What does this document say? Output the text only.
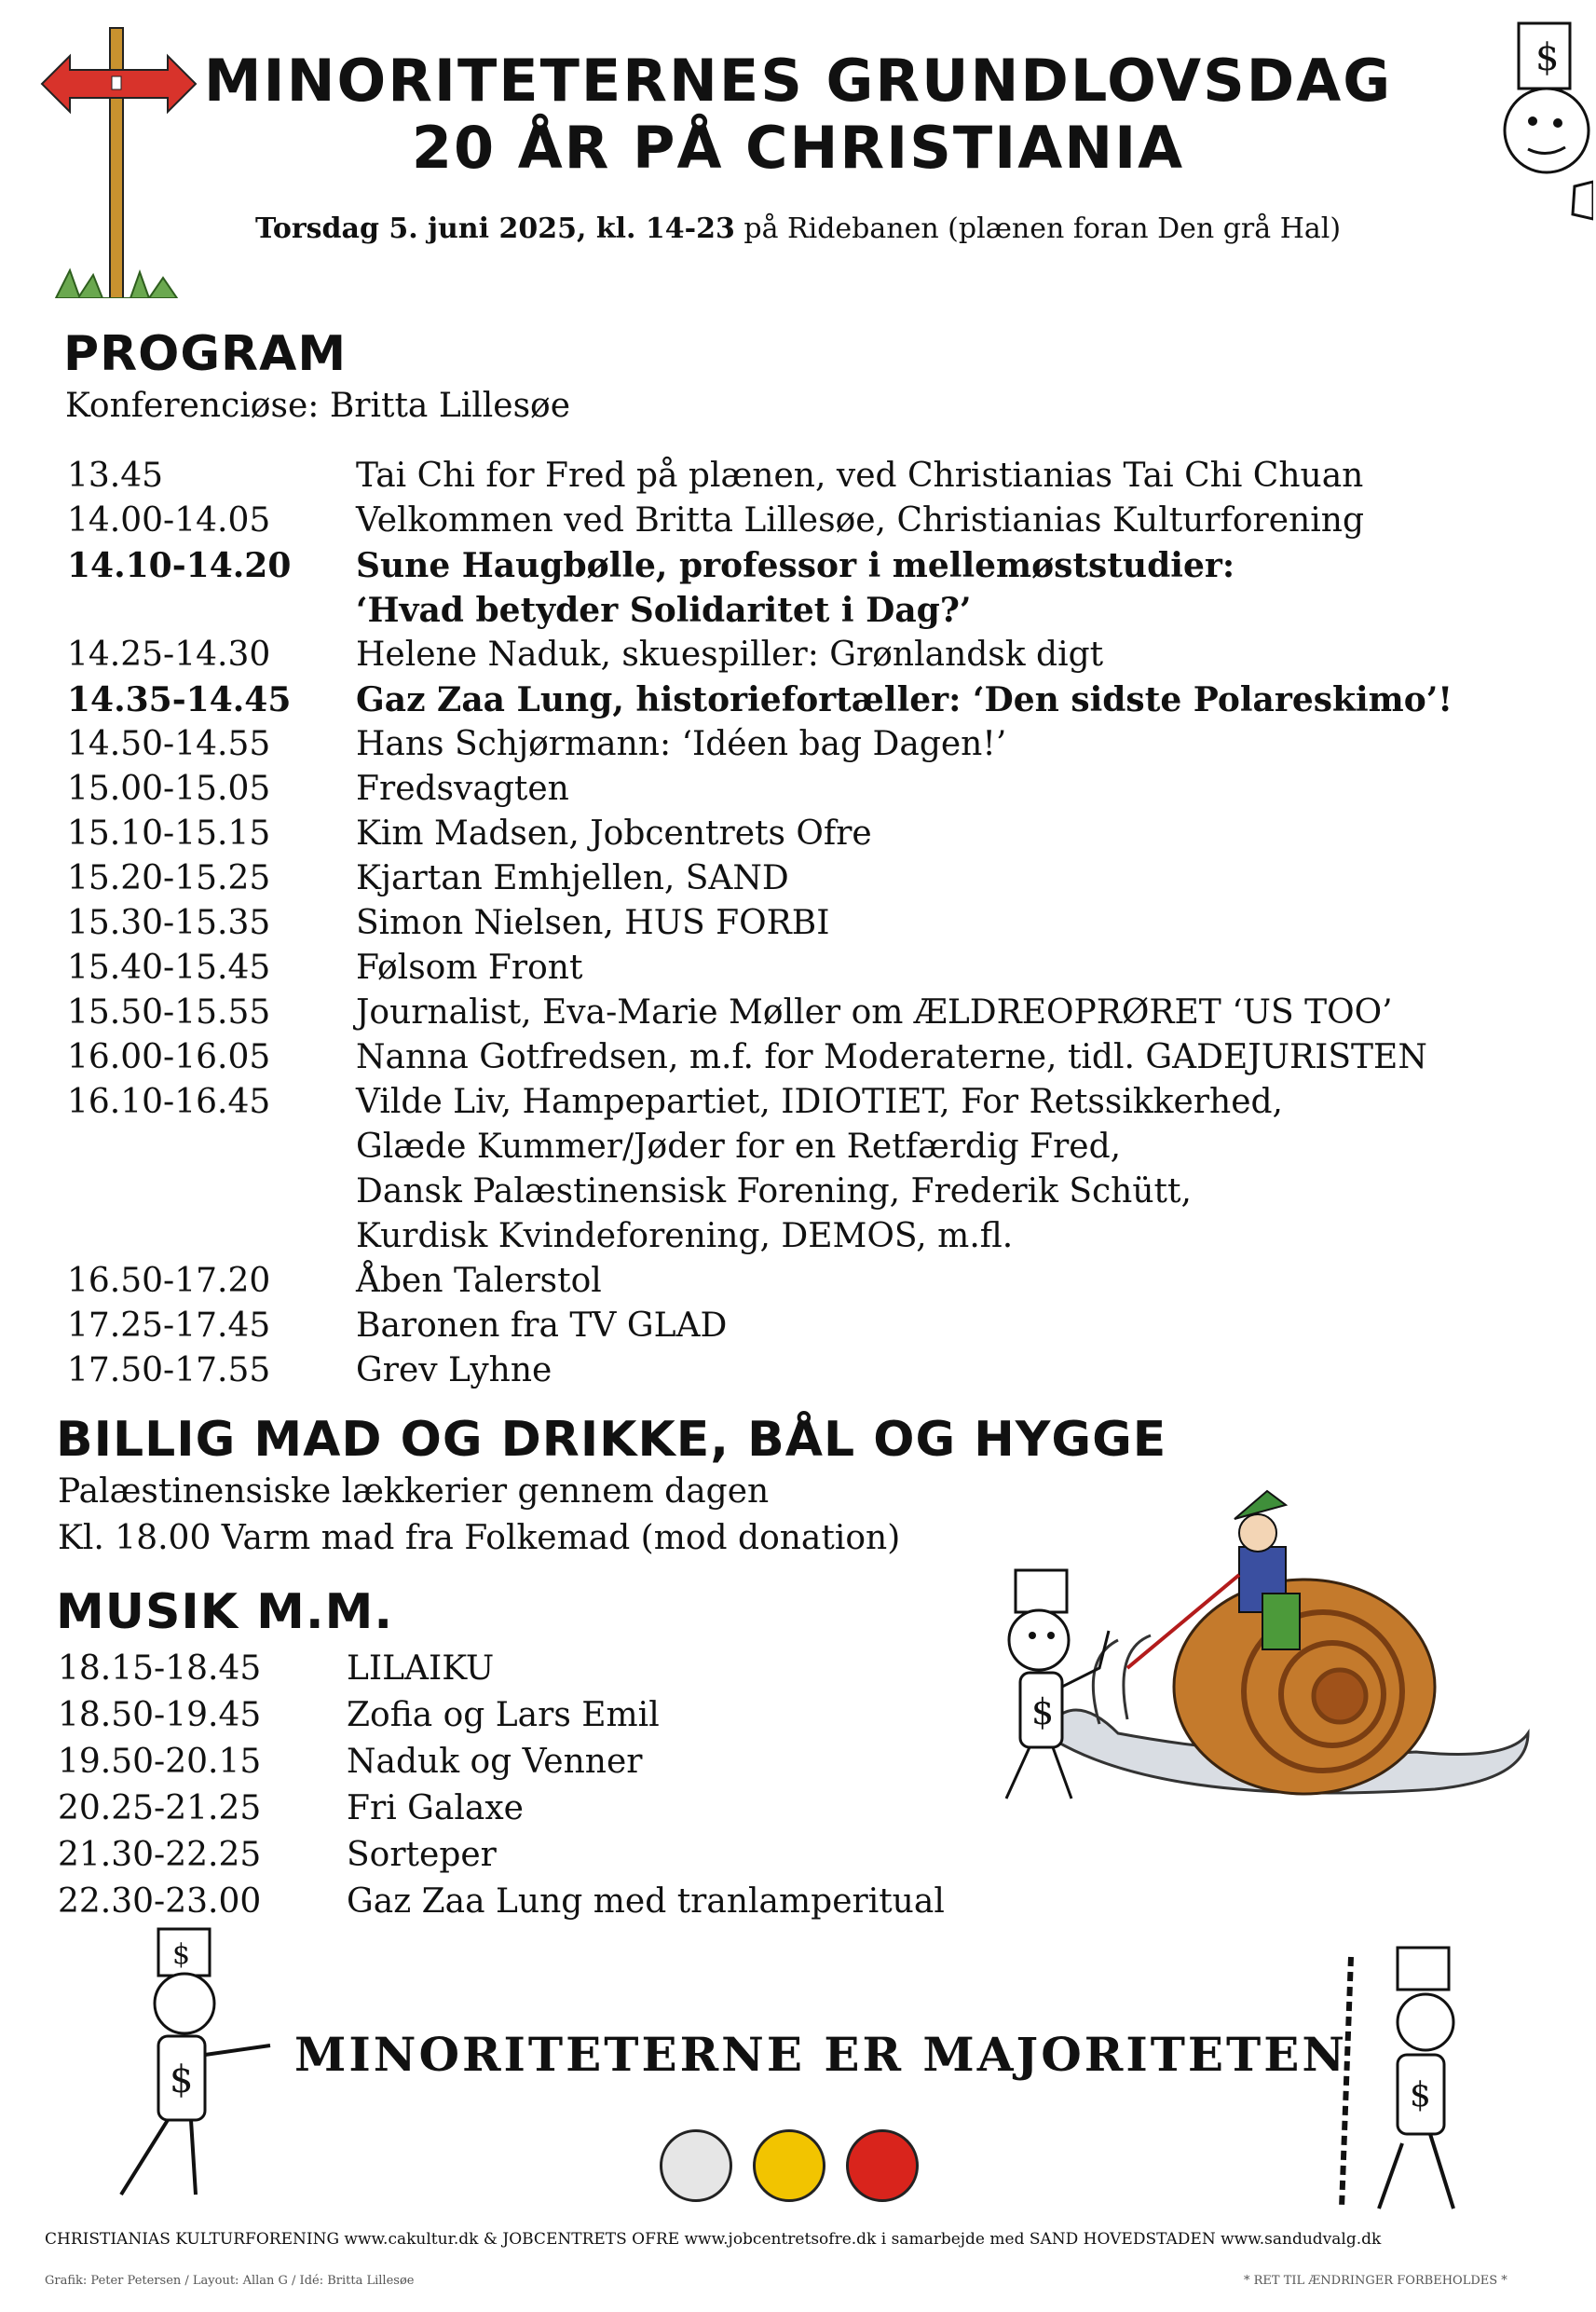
$
MINORITETERNES GRUNDLOVSDAG
20 ÅR PÅ CHRISTIANIA
Torsdag 5. juni 2025, kl. 14-23 på Ridebanen (plænen foran Den grå Hal)
PROGRAM
Konferenciøse: Britta Lillesøe
13.45	Tai Chi for Fred på plænen, ved Christianias Tai Chi Chuan
14.00-14.05	Velkommen ved Britta Lillesøe, Christianias Kulturforening
14.10-14.20 Sune Haugbølle, professor i mellemøststudier:
‘Hvad betyder Solidaritet i Dag?’
14.25-14.30	Helene Naduk, skuespiller: Grønlandsk digt
14.35-14.45 Gaz Zaa Lung, historiefortæller: ‘Den sidste Polareskimo’!
14.50-14.55	Hans Schjørmann: ‘Idéen bag Dagen!’
15.00-15.05	Fredsvagten
15.10-15.15	Kim Madsen, Jobcentrets Ofre
15.20-15.25	Kjartan Emhjellen, SAND
15.30-15.35	Simon Nielsen, HUS FORBI
15.40-15.45	Følsom Front
15.50-15.55	Journalist, Eva-Marie Møller om ÆLDREOPRØRET ‘US TOO’
16.00-16.05	Nanna Gotfredsen, m.f. for Moderaterne, tidl. GADEJURISTEN
16.10-16.45	Vilde Liv, Hampepartiet, IDIOTIET, For Retssikkerhed,
Glæde Kummer/Jøder for en Retfærdig Fred,
Dansk Palæstinensisk Forening, Frederik Schütt,
Kurdisk Kvindeforening, DEMOS, m.fl.
16.50-17.20	Åben Talerstol
17.25-17.45	Baronen fra TV GLAD
17.50-17.55	Grev Lyhne
BILLIG MAD OG DRIKKE, BÅL OG HYGGE
Palæstinensiske lækkerier gennem dagen
Kl. 18.00 Varm mad fra Folkemad (mod donation)
MUSIK M.M.
18.15-18.45	LILAIKU
18.50-19.45	Zofia og Lars Emil
19.50-20.15	Naduk og Venner
20.25-21.25	Fri Galaxe
21.30-22.25	Sorteper
22.30-23.00	Gaz Zaa Lung med tranlamperitual
$
$
$	$
MINORITETERNE ER MAJORITETEN
CHRISTIANIAS KULTURFORENING www.cakultur.dk & JOBCENTRETS OFRE www.jobcentretsofre.dk i samarbejde med SAND HOVEDSTADEN www.sandudvalg.dk
Grafik: Peter Petersen / Layout: Allan G / Idé: Britta Lillesøe	* RET TIL ÆNDRINGER FORBEHOLDES *
